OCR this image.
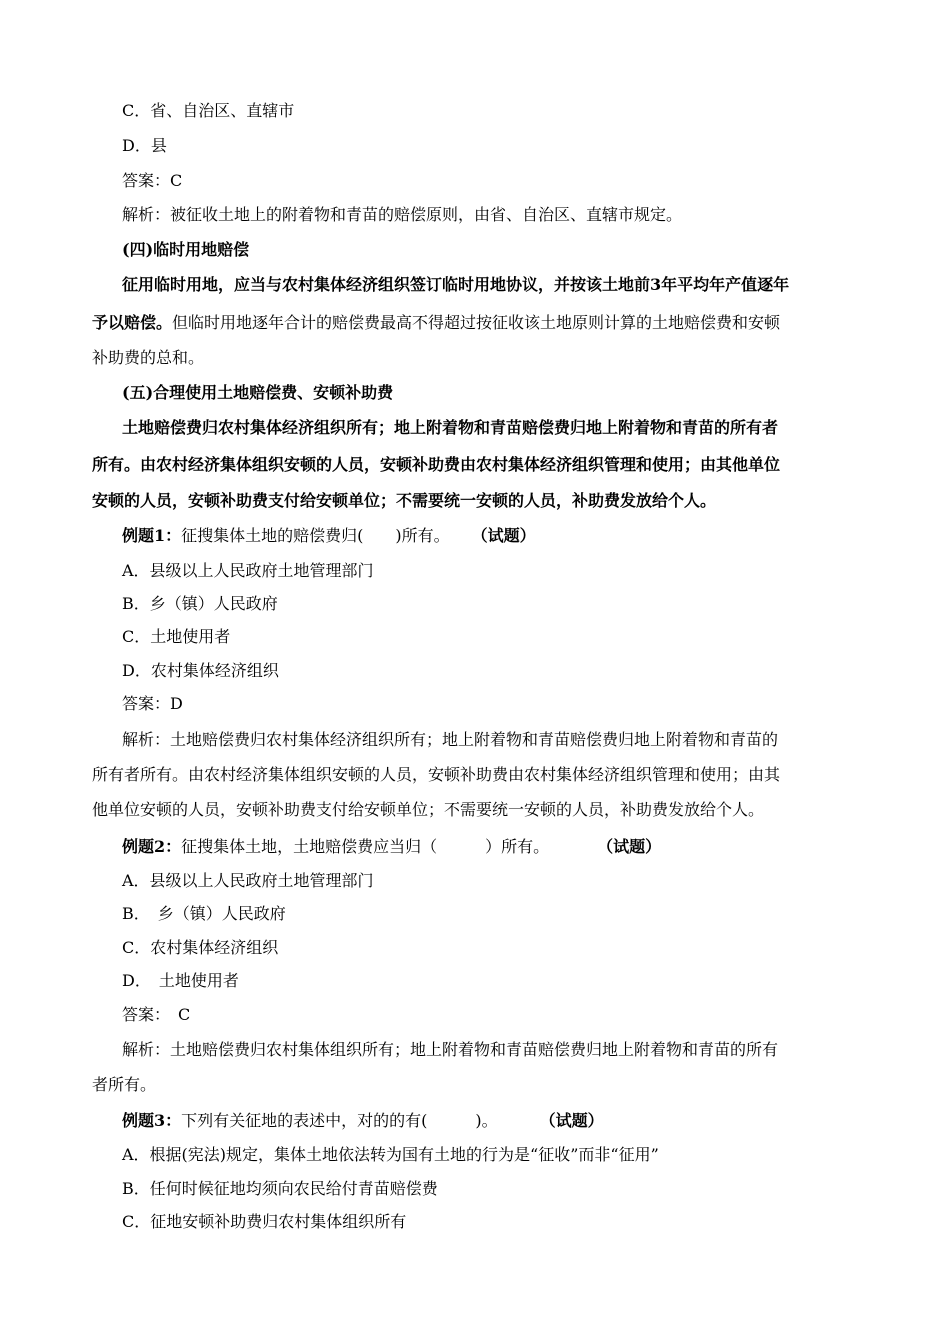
C．省、自治区、直辖市
D．县
答案：C
解析：被征收土地上的附着物和青苗的赔偿原则，由省、自治区、直辖市规定。
(四)临时用地赔偿
征用临时用地，应当与农村集体经济组织签订临时用地协议，并按该土地前3年平均年产值逐年
予以赔偿。但临时用地逐年合计的赔偿费最高不得超过按征收该土地原则计算的土地赔偿费和安顿
补助费的总和。
(五)合理使用土地赔偿费、安顿补助费
土地赔偿费归农村集体经济组织所有；地上附着物和青苗赔偿费归地上附着物和青苗的所有者
所有。由农村经济集体组织安顿的人员，安顿补助费由农村集体经济组织管理和使用；由其他单位
安顿的人员，安顿补助费支付给安顿单位；不需要统一安顿的人员，补助费发放给个人。
例题1：征搜集体土地的赔偿费归(　　)所有。 （试题）
A．县级以上人民政府土地管理部门
B．乡（镇）人民政府
C．土地使用者
D．农村集体经济组织
答案：D
解析：土地赔偿费归农村集体经济组织所有；地上附着物和青苗赔偿费归地上附着物和青苗的
所有者所有。由农村经济集体组织安顿的人员，安顿补助费由农村集体经济组织管理和使用；由其
他单位安顿的人员，安顿补助费支付给安顿单位；不需要统一安顿的人员，补助费发放给个人。
例题2：征搜集体土地，土地赔偿费应当归（　　　）所有。	（试题）
A．县级以上人民政府土地管理部门
B．　乡（镇）人民政府
C．农村集体经济组织
D．　土地使用者
答案：　C
解析：土地赔偿费归农村集体组织所有；地上附着物和青苗赔偿费归地上附着物和青苗的所有
者所有。
例题3：下列有关征地的表述中，对的的有(　　　)。	（试题）
A．根据(宪法)规定，集体土地依法转为国有土地的行为是“征收”而非“征用”
B．任何时候征地均须向农民给付青苗赔偿费
C．征地安顿补助费归农村集体组织所有
